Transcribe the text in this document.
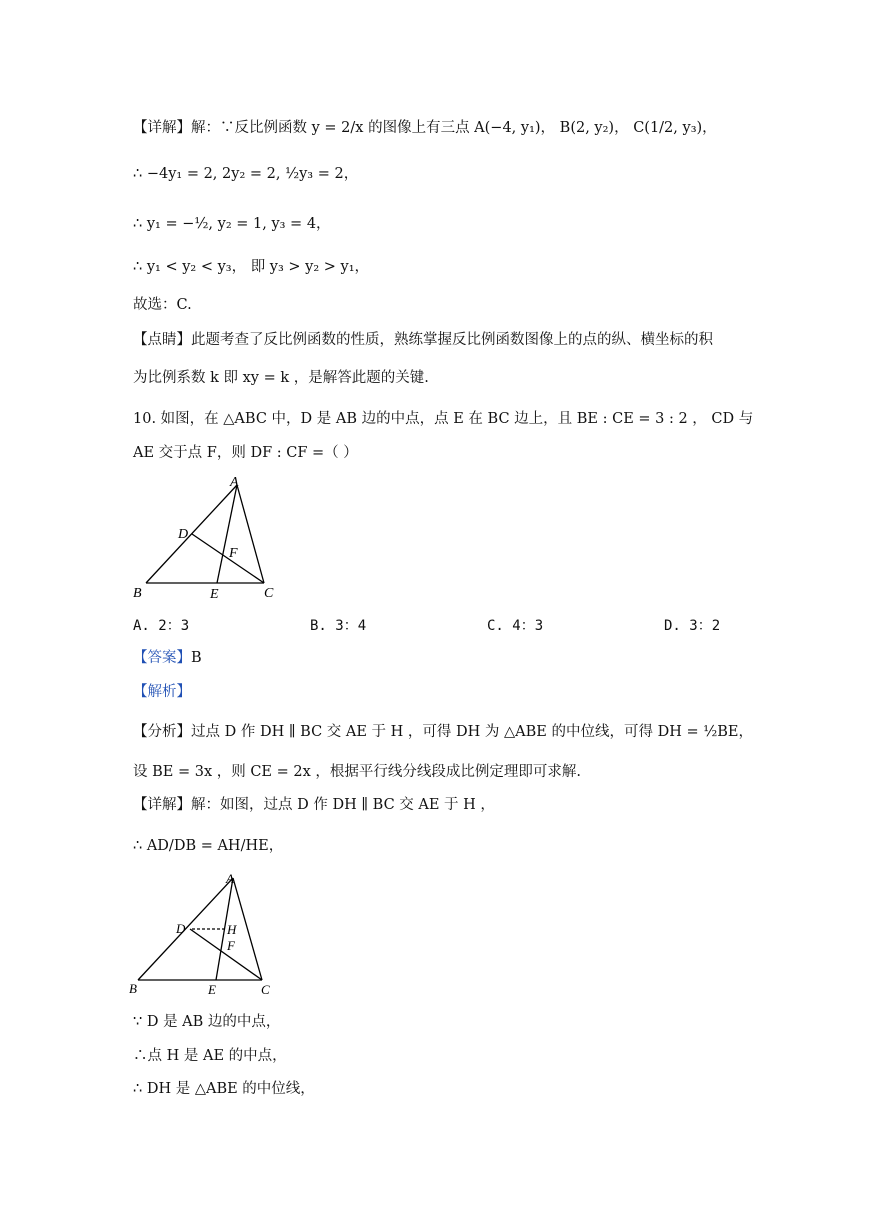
【详解】解：∵反比例函数 y = 2/x 的图像上有三点 A(−4, y₁)， B(2, y₂)， C(1/2, y₃)，
∴ −4y₁ = 2, 2y₂ = 2, ½y₃ = 2，
∴ y₁ = −½, y₂ = 1, y₃ = 4，
∴ y₁ < y₂ < y₃， 即 y₃ > y₂ > y₁，
故选：C.
【点睛】此题考查了反比例函数的性质，熟练掌握反比例函数图像上的点的纵、横坐标的积
为比例系数 k 即 xy = k ，是解答此题的关键.
10. 如图，在 △ABC 中，D 是 AB 边的中点，点 E 在 BC 边上，且 BE : CE = 3 : 2 ， CD 与
AE 交于点 F，则 DF : CF =（ ）
A
B	C
D
E
F
A. 2：3	B. 3：4	C. 4：3	D. 3：2
【答案】B
【解析】
【分析】过点 D 作 DH ∥ BC 交 AE 于 H ，可得 DH 为 △ABE 的中位线，可得 DH = ½BE，
设 BE = 3x ，则 CE = 2x ，根据平行线分线段成比例定理即可求解.
【详解】解：如图，过点 D 作 DH ∥ BC 交 AE 于 H ，
∴ AD/DB = AH/HE，
A
B	C
D
E
F
H
∵ D 是 AB 边的中点，
∴点 H 是 AE 的中点，
∴ DH 是 △ABE 的中位线，
